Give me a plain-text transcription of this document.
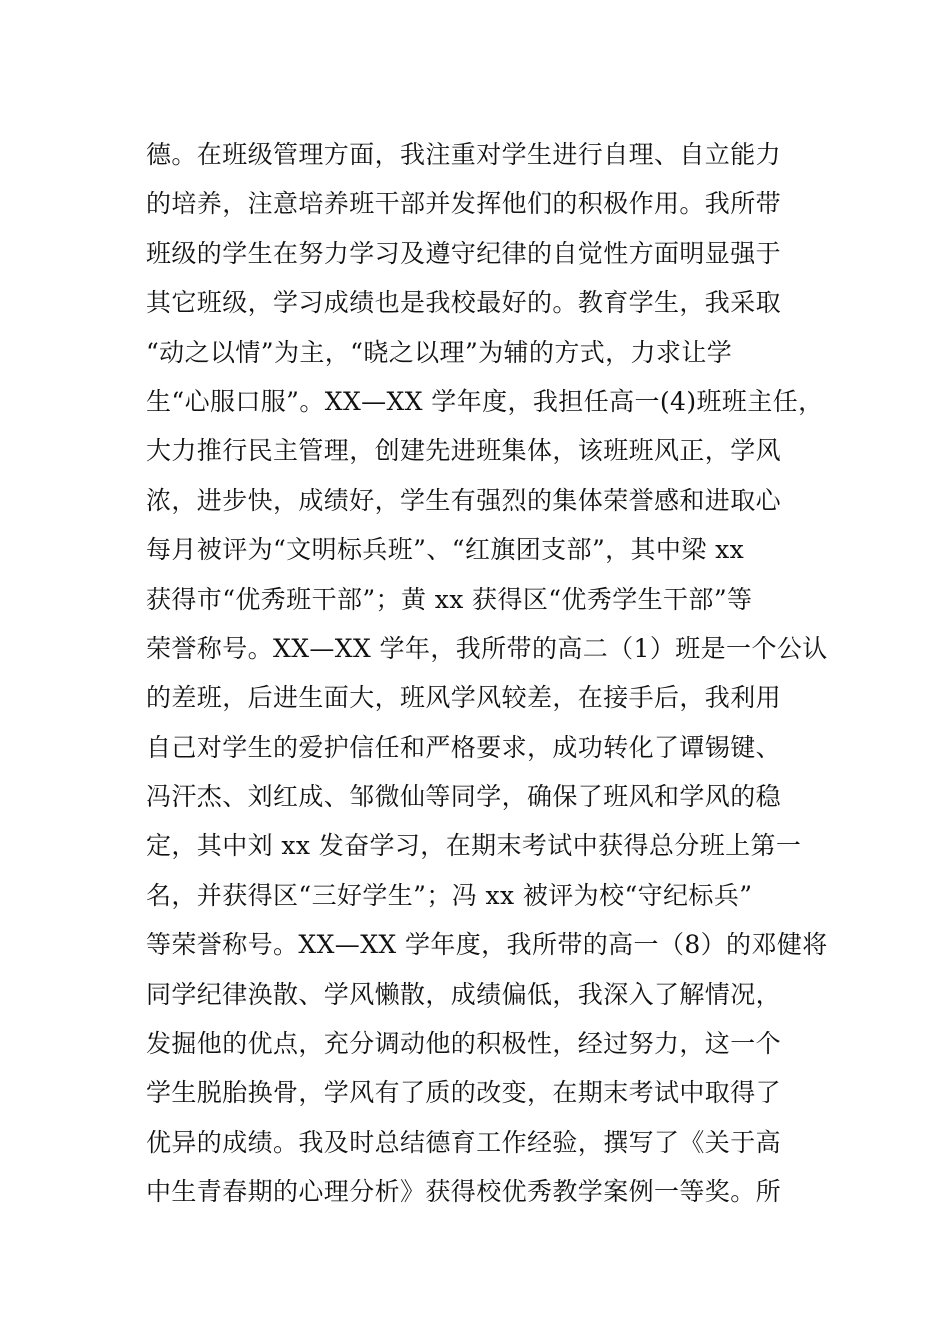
德。在班级管理方面，我注重对学生进行自理、自立能力
的培养，注意培养班干部并发挥他们的积极作用。我所带
班级的学生在努力学习及遵守纪律的自觉性方面明显强于
其它班级，学习成绩也是我校最好的。教育学生，我采取
“动之以情”为主，“晓之以理”为辅的方式，力求让学
生“心服口服”。XX—XX 学年度，我担任高一(4)班班主任，
大力推行民主管理，创建先进班集体，该班班风正，学风
浓，进步快，成绩好，学生有强烈的集体荣誉感和进取心
每月被评为“文明标兵班”、“红旗团支部”，其中梁 xx
获得市“优秀班干部”；黄 xx 获得区“优秀学生干部”等
荣誉称号。XX—XX 学年，我所带的高二（1）班是一个公认
的差班，后进生面大，班风学风较差，在接手后，我利用
自己对学生的爱护信任和严格要求，成功转化了谭锡键、
冯汗杰、刘红成、邹微仙等同学，确保了班风和学风的稳
定，其中刘 xx 发奋学习，在期末考试中获得总分班上第一
名，并获得区“三好学生”；冯 xx 被评为校“守纪标兵”
等荣誉称号。XX—XX 学年度，我所带的高一（8）的邓健将
同学纪律涣散、学风懒散，成绩偏低，我深入了解情况，
发掘他的优点，充分调动他的积极性，经过努力，这一个
学生脱胎换骨，学风有了质的改变，在期末考试中取得了
优异的成绩。我及时总结德育工作经验，撰写了《关于高
中生青春期的心理分析》获得校优秀教学案例一等奖。所
